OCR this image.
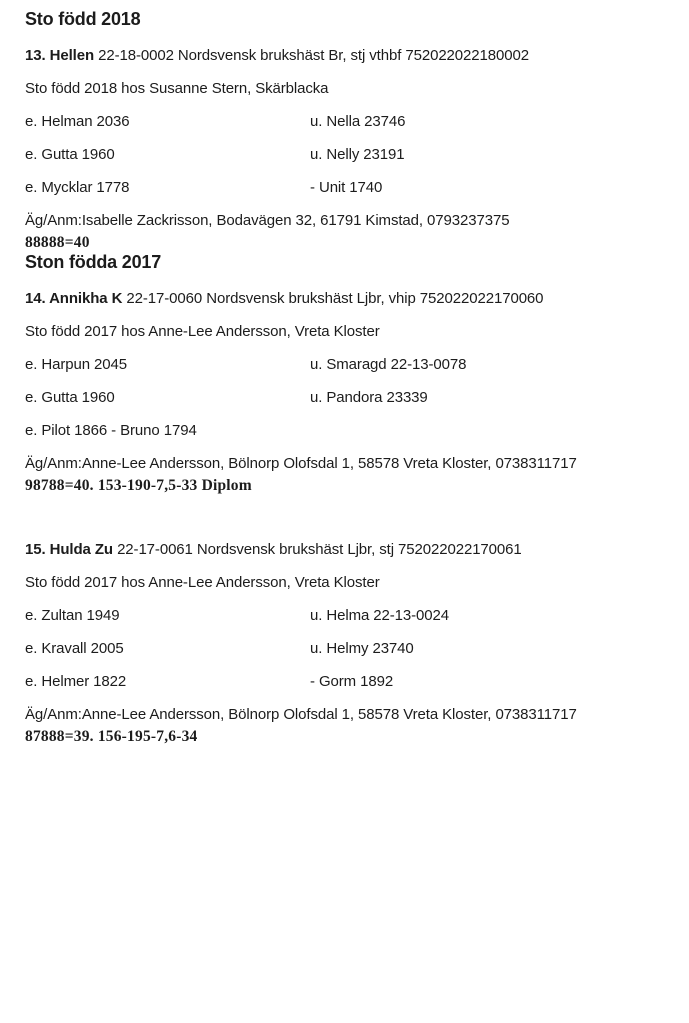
Sto född 2018

13. Hellen 22-18-0002 Nordsvensk brukshäst Br, stj vthbf 752022022180002

Sto född 2018 hos Susanne Stern, Skärblacka

e. Helman 2036	u. Nella 23746

e. Gutta 1960	u. Nelly 23191

e. Mycklar 1778	- Unit 1740

Äg/Anm:Isabelle Zackrisson, Bodavägen 32, 61791 Kimstad, 0793237375

88888=40

Ston födda 2017

14. Annikha K 22-17-0060 Nordsvensk brukshäst Ljbr, vhip 752022022170060

Sto född 2017 hos Anne-Lee Andersson, Vreta Kloster

e. Harpun 2045	u. Smaragd 22-13-0078

e. Gutta 1960	u. Pandora 23339

e. Pilot 1866 - Bruno 1794

Äg/Anm:Anne-Lee Andersson, Bölnorp Olofsdal 1, 58578 Vreta Kloster, 0738311717

98788=40. 153-190-7,5-33 Diplom

15. Hulda Zu 22-17-0061 Nordsvensk brukshäst Ljbr, stj 752022022170061

Sto född 2017 hos Anne-Lee Andersson, Vreta Kloster

e. Zultan 1949	u. Helma 22-13-0024

e. Kravall 2005	u. Helmy 23740

e. Helmer 1822	- Gorm 1892

Äg/Anm:Anne-Lee Andersson, Bölnorp Olofsdal 1, 58578 Vreta Kloster, 0738311717

87888=39. 156-195-7,6-34
